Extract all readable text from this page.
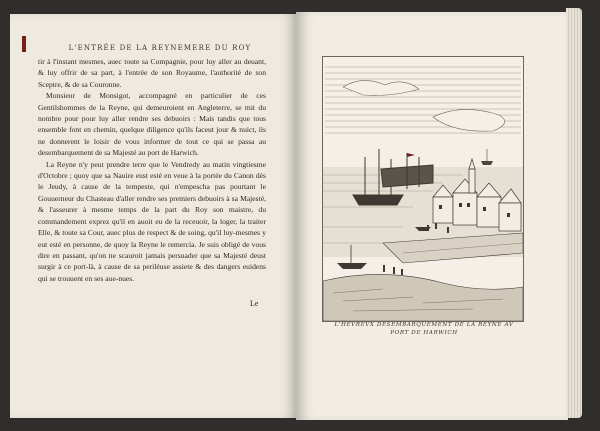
L'ENTRÉE DE LA REYNEMERE DU ROY

tir à l'instant mesmes, auec toute sa Compagnie, pour luy aller au deuant, & luy offrir de sa part, à l'entrée de son Royaume, l'authorité de son Sceptre, & de sa Couronne.

Monsieur de Monsigot, accompagné en particulier de ces Gentilshommes de la Reyne, qui demeuroient en Angleterre, se mit du nombre pour pour luy aller rendre ses debuoirs : Mais tandis que tous ensemble font en chemin, quelque diligence qu'ils faceut jour & nuict, ils ne donnerent le loisir de vous informer de tout ce qui se passa au desembarquement de sa Majesté au port de Harwich.

La Reyne n'y peut prendre terre que le Vendredy au matin vingtiesme d'Octobre ; quoy que sa Nauire eust esté en veue à la portée du Canon dés le Jeudy, à cause de la tempeste, qui n'empescha pas pourtant le Gouuerneur du Chasteau d'aller rendre ses premiers debuoirs à sa Majesté, & l'asseurer à mesme temps de la part du Roy son maistre, du commandement exprez qu'il en auoit eu de la receuoir, la loger, la traiter Elle, & toute sa Cour, auec plus de respect & de soing, qu'il luy-mesmes y eut esté en personne, de quoy la Reyne le remercia. Je suis obligé de vous dire en passant, qu'on ne scauroit jamais persuader que sa Majesté deust surgir à ce port-là, à cause de sa periléuse assiete & des dangers euidens qui se trouuent en ses aue-nues.

Le
L'HEVREVX DESEMBARQUEMENT DE LA REYNE AV PORT DE HARWICH
